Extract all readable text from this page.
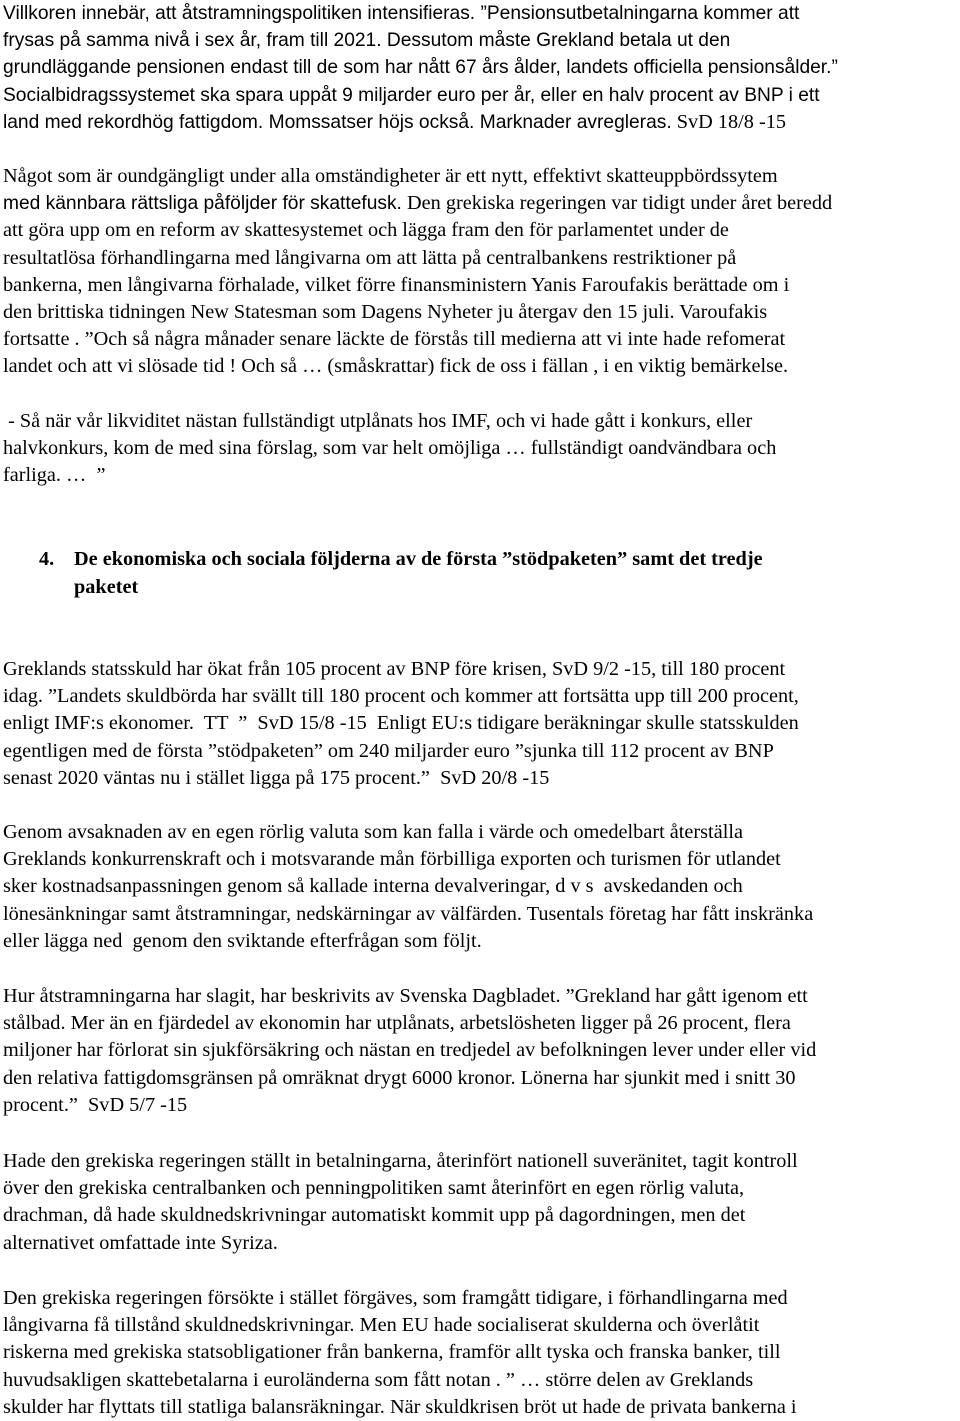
Villkoren innebär, att åtstramningspolitiken intensifieras. ”Pensionsutbetalningarna kommer att
frysas på samma nivå i sex år, fram till 2021. Dessutom måste Grekland betala ut den
grundläggande pensionen endast till de som har nått 67 års ålder, landets officiella pensionsålder.”
Socialbidragssystemet ska spara uppåt 9 miljarder euro per år, eller en halv procent av BNP i ett
land med rekordhög fattigdom. Momssatser höjs också. Marknader avregleras. SvD 18/8 -15
Något som är oundgängligt under alla omständigheter är ett nytt, effektivt skatteuppbördssytem
med kännbara rättsliga påföljder för skattefusk. Den grekiska regeringen var tidigt under året beredd
att göra upp om en reform av skattesystemet och lägga fram den för parlamentet under de
resultatlösa förhandlingarna med långivarna om att lätta på centralbankens restriktioner på
bankerna, men långivarna förhalade, vilket förre finansministern Yanis Faroufakis berättade om i
den brittiska tidningen New Statesman som Dagens Nyheter ju återgav den 15 juli. Varoufakis
fortsatte . ”Och så några månader senare läckte de förstås till medierna att vi inte hade refomerat
landet och att vi slösade tid ! Och så … (småskrattar) fick de oss i fällan , i en viktig bemärkelse.
- Så när vår likviditet nästan fullständigt utplånats hos IMF, och vi hade gått i konkurs, eller
halvkonkurs, kom de med sina förslag, som var helt omöjliga … fullständigt oandvändbara och
farliga. …  ”
4. De ekonomiska och sociala följderna av de första ”stödpaketen” samt det tredje
paketet
Greklands statsskuld har ökat från 105 procent av BNP före krisen, SvD 9/2 -15, till 180 procent
idag. ”Landets skuldbörda har svällt till 180 procent och kommer att fortsätta upp till 200 procent,
enligt IMF:s ekonomer.  TT  ”  SvD 15/8 -15  Enligt EU:s tidigare beräkningar skulle statsskulden
egentligen med de första ”stödpaketen” om 240 miljarder euro ”sjunka till 112 procent av BNP
senast 2020 väntas nu i stället ligga på 175 procent.”  SvD 20/8 -15
Genom avsaknaden av en egen rörlig valuta som kan falla i värde och omedelbart återställa
Greklands konkurrenskraft och i motsvarande mån förbilliga exporten och turismen för utlandet
sker kostnadsanpassningen genom så kallade interna devalveringar, d v s  avskedanden och
lönesänkningar samt åtstramningar, nedskärningar av välfärden. Tusentals företag har fått inskränka
eller lägga ned  genom den sviktande efterfrågan som följt.
Hur åtstramningarna har slagit, har beskrivits av Svenska Dagbladet. ”Grekland har gått igenom ett
stålbad. Mer än en fjärdedel av ekonomin har utplånats, arbetslösheten ligger på 26 procent, flera
miljoner har förlorat sin sjukförsäkring och nästan en tredjedel av befolkningen lever under eller vid
den relativa fattigdomsgränsen på omräknat drygt 6000 kronor. Lönerna har sjunkit med i snitt 30
procent.”  SvD 5/7 -15
Hade den grekiska regeringen ställt in betalningarna, återinfört nationell suveränitet, tagit kontroll
över den grekiska centralbanken och penningpolitiken samt återinfört en egen rörlig valuta,
drachman, då hade skuldnedskrivningar automatiskt kommit upp på dagordningen, men det
alternativet omfattade inte Syriza.
Den grekiska regeringen försökte i stället förgäves, som framgått tidigare, i förhandlingarna med
långivarna få tillstånd skuldnedskrivningar. Men EU hade socialiserat skulderna och överlåtit
riskerna med grekiska statsobligationer från bankerna, framför allt tyska och franska banker, till
huvudsakligen skattebetalarna i euroländerna som fått notan . ” … större delen av Greklands
skulder har flyttats till statliga balansräkningar. När skuldkrisen bröt ut hade de privata bankerna i
